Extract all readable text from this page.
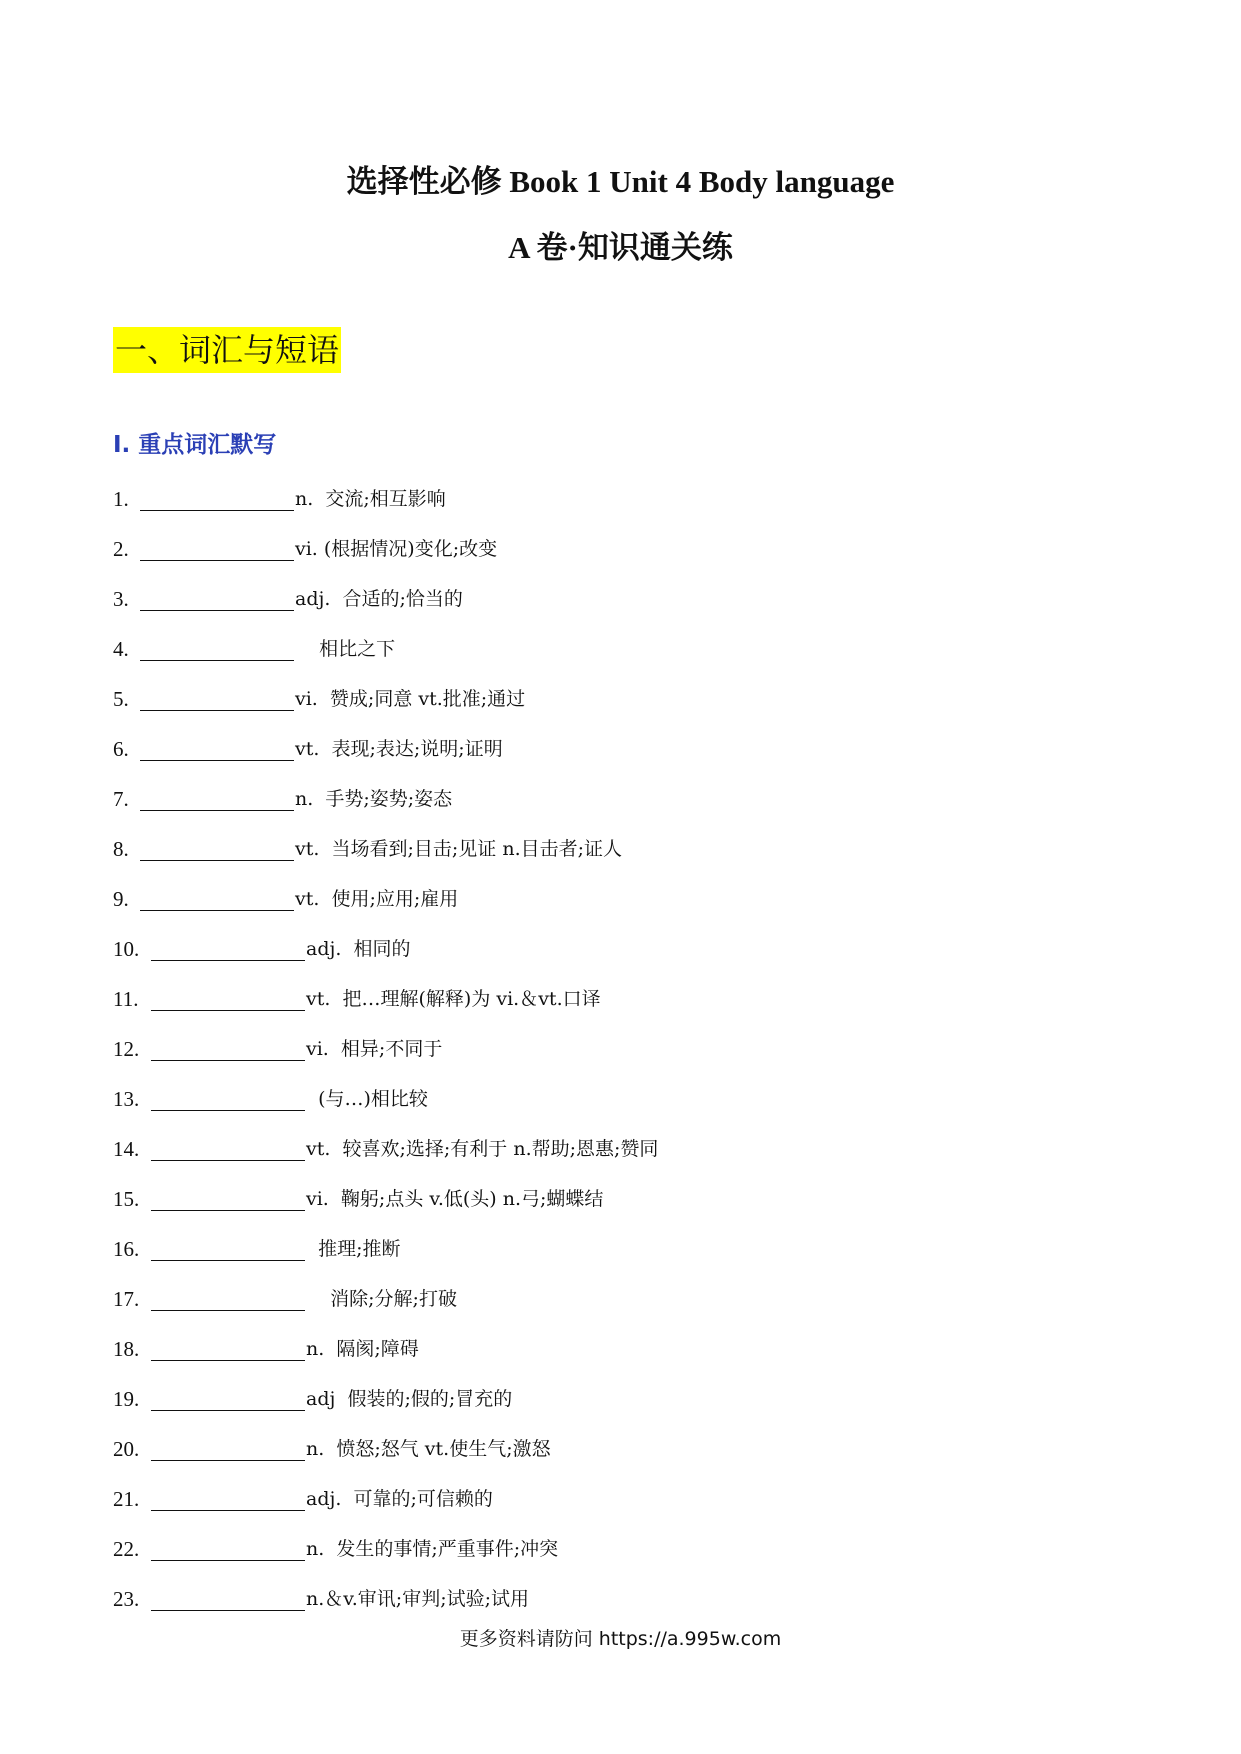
选择性必修 Book 1 Unit 4 Body language
A 卷·知识通关练
一、词汇与短语
I. 重点词汇默写
1.	n.  交流;相互影响
2.	vi. (根据情况)变化;改变
3.	adj.  合适的;恰当的
4.	相比之下
5.	vi.  赞成;同意 vt.批准;通过
6.	vt.  表现;表达;说明;证明
7.	n.  手势;姿势;姿态
8.	vt.  当场看到;目击;见证 n.目击者;证人
9.	vt.  使用;应用;雇用
10.	adj.  相同的
11.	vt.  把…理解(解释)为 vi.＆vt.口译
12.	vi.  相异;不同于
13.	(与…)相比较
14.	vt.  较喜欢;选择;有利于 n.帮助;恩惠;赞同
15.	vi.  鞠躬;点头 v.低(头) n.弓;蝴蝶结
16.	推理;推断
17.	消除;分解;打破
18.	n.  隔阂;障碍
19.	adj  假装的;假的;冒充的
20.	n.  愤怒;怒气 vt.使生气;激怒
21.	adj.  可靠的;可信赖的
22.	n.  发生的事情;严重事件;冲突
23.	n.＆v.审讯;审判;试验;试用
更多资料请防问 https://a.995w.com
